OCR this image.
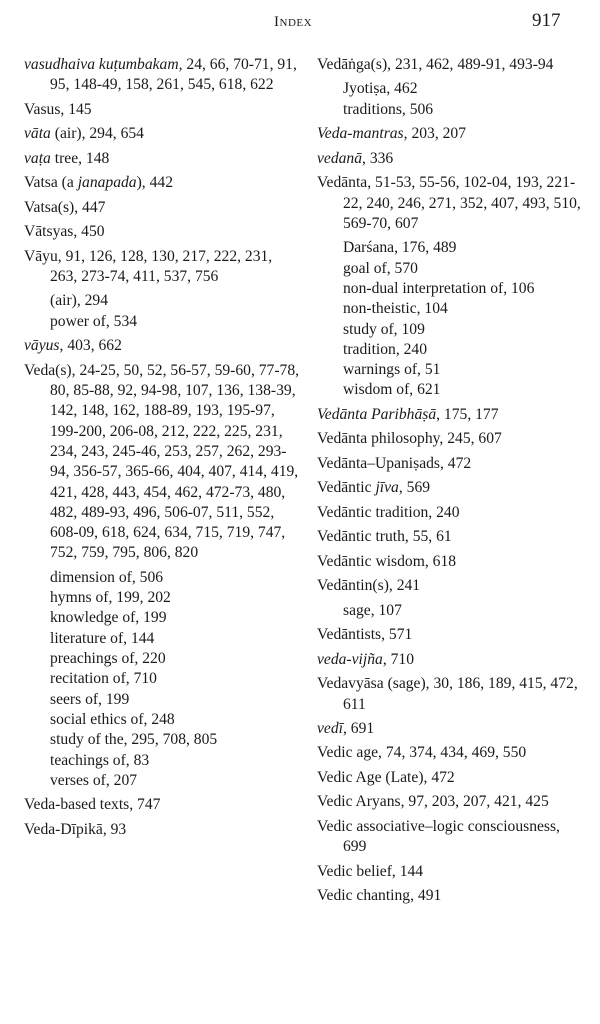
Index	917
vasudhaiva kuṭumbakam, 24, 66, 70-71, 91, 95, 148-49, 158, 261, 545, 618, 622
Vasus, 145
vāta (air), 294, 654
vaṭa tree, 148
Vatsa (a janapada), 442
Vatsa(s), 447
Vātsyas, 450
Vāyu, 91, 126, 128, 130, 217, 222, 231, 263, 273-74, 411, 537, 756
(air), 294
power of, 534
vāyus, 403, 662
Veda(s), 24-25, 50, 52, 56-57, 59-60, 77-78, 80, 85-88, 92, 94-98, 107, 136, 138-39, 142, 148, 162, 188-89, 193, 195-97, 199-200, 206-08, 212, 222, 225, 231, 234, 243, 245-46, 253, 257, 262, 293-94, 356-57, 365-66, 404, 407, 414, 419, 421, 428, 443, 454, 462, 472-73, 480, 482, 489-93, 496, 506-07, 511, 552, 608-09, 618, 624, 634, 715, 719, 747, 752, 759, 795, 806, 820
dimension of, 506
hymns of, 199, 202
knowledge of, 199
literature of, 144
preachings of, 220
recitation of, 710
seers of, 199
social ethics of, 248
study of the, 295, 708, 805
teachings of, 83
verses of, 207
Veda-based texts, 747
Veda-Dīpikā, 93
Vedāṅga(s), 231, 462, 489-91, 493-94
Jyotiṣa, 462
traditions, 506
Veda-mantras, 203, 207
vedanā, 336
Vedānta, 51-53, 55-56, 102-04, 193, 221-22, 240, 246, 271, 352, 407, 493, 510, 569-70, 607
Darśana, 176, 489
goal of, 570
non-dual interpretation of, 106
non-theistic, 104
study of, 109
tradition, 240
warnings of, 51
wisdom of, 621
Vedānta Paribhāṣā, 175, 177
Vedānta philosophy, 245, 607
Vedānta–Upaniṣads, 472
Vedāntic jīva, 569
Vedāntic tradition, 240
Vedāntic truth, 55, 61
Vedāntic wisdom, 618
Vedāntin(s), 241
sage, 107
Vedāntists, 571
veda-vijña, 710
Vedavyāsa (sage), 30, 186, 189, 415, 472, 611
vedī, 691
Vedic age, 74, 374, 434, 469, 550
Vedic Age (Late), 472
Vedic Aryans, 97, 203, 207, 421, 425
Vedic associative–logic consciousness, 699
Vedic belief, 144
Vedic chanting, 491
